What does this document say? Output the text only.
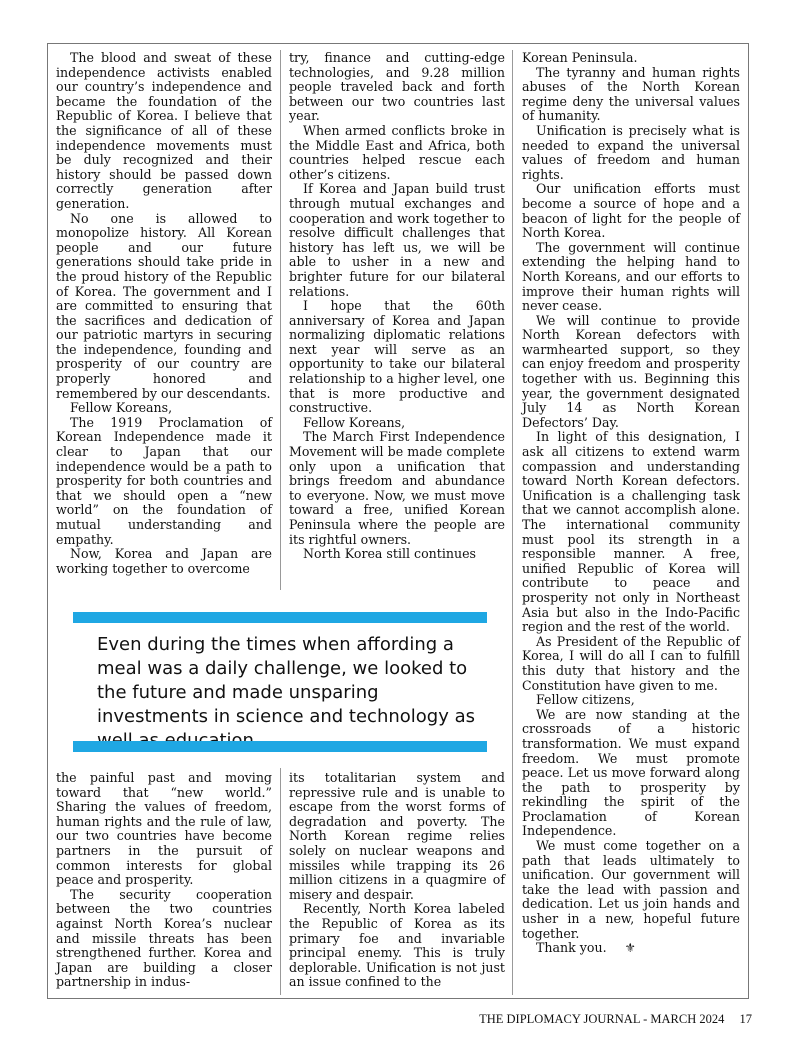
The blood and sweat of these independence activists enabled our country’s independence and became the foundation of the Republic of Korea. I believe that the significance of all of these independence movements must be duly recognized and their history should be passed down correctly generation after generation.

No one is allowed to monopolize history. All Korean people and our future generations should take pride in the proud history of the Republic of Korea. The government and I are committed to ensuring that the sacrifices and dedication of our patriotic martyrs in securing the independence, founding and prosperity of our country are properly honored and remembered by our descendants.

Fellow Koreans,

The 1919 Proclamation of Korean Independence made it clear to Japan that our independence would be a path to prosperity for both countries and that we should open a “new world” on the foundation of mutual understanding and empathy.

Now, Korea and Japan are working together to overcome

try, finance and cutting-edge technologies, and 9.28 million people traveled back and forth between our two countries last year.

When armed conflicts broke in the Middle East and Africa, both countries helped rescue each other’s citizens.

If Korea and Japan build trust through mutual exchanges and cooperation and work together to resolve difficult challenges that history has left us, we will be able to usher in a new and brighter future for our bilateral relations.

I hope that the 60th anniversary of Korea and Japan normalizing diplomatic relations next year will serve as an opportunity to take our bilateral relationship to a higher level, one that is more productive and constructive.

Fellow Koreans,

The March First Independence Movement will be made complete only upon a unification that brings freedom and abundance to everyone. Now, we must move toward a free, unified Korean Peninsula where the people are its rightful owners.

North Korea still continues

Korean Peninsula.

The tyranny and human rights abuses of the North Korean regime deny the universal values of humanity.

Unification is precisely what is needed to expand the universal values of freedom and human rights.

Our unification efforts must become a source of hope and a beacon of light for the people of North Korea.

The government will continue extending the helping hand to North Koreans, and our efforts to improve their human rights will never cease.

We will continue to provide North Korean defectors with warmhearted support, so they can enjoy freedom and prosperity together with us. Beginning this year, the government designated July 14 as North Korean Defectors’ Day.

In light of this designation, I ask all citizens to extend warm compassion and understanding toward North Korean defectors. Unification is a challenging task that we cannot accomplish alone. The international community must pool its strength in a responsible manner. A free, unified Republic of Korea will contribute to peace and prosperity not only in Northeast Asia but also in the Indo-Pacific region and the rest of the world.

As President of the Republic of Korea, I will do all I can to fulfill this duty that history and the Constitution have given to me.

Fellow citizens,

We are now standing at the crossroads of a historic transformation. We must expand freedom. We must promote peace. Let us move forward along the path to prosperity by rekindling the spirit of the Proclamation of Korean Independence.

We must come together on a path that leads ultimately to unification. Our government will take the lead with passion and dedication. Let us join hands and usher in a new, hopeful future together.

Thank you. ⚜

Even during the times when affording a meal was a daily challenge, we looked to the future and made unsparing investments in science and technology as

the painful past and moving toward that “new world.” Sharing the values of freedom, human rights and the rule of law, our two countries have become partners in the pursuit of common interests for global peace and prosperity.

The security cooperation between the two countries against North Korea’s nuclear and missile threats has been strengthened further. Korea and Japan are building a closer partnership in indus-

its totalitarian system and repressive rule and is unable to escape from the worst forms of degradation and poverty. The North Korean regime relies solely on nuclear weapons and missiles while trapping its 26 million citizens in a quagmire of misery and despair.

Recently, North Korea labeled the Republic of Korea as its primary foe and invariable principal enemy. This is truly deplorable. Unification is not just an issue confined to the

THE DIPLOMACY JOURNAL - MARCH 2024 17
